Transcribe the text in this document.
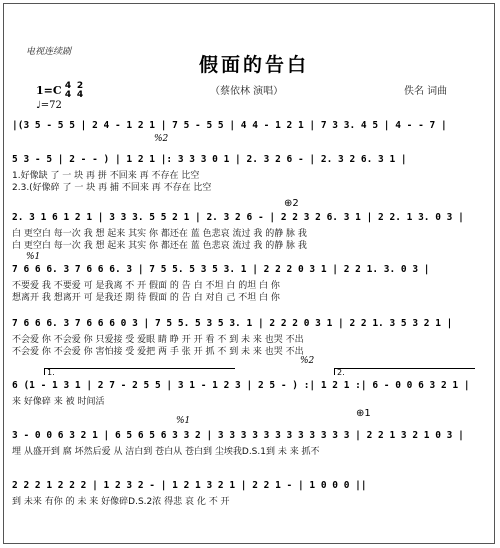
电视连续剧
假面的告白
（蔡依林 演唱）	佚名 词曲
1=C 4
4
2
4
♩=72
|(3 5 - 5 5 | 2 4 - 1 2 1 | 7 5 - 5 5 | 4 4 - 1 2 1 | 7 3 3. 4 5 | 4 - - 7 |
%2
5 3 - 5 | 2 - - ) | 1 2 1 |: 3 3 3 0 1 | 2. 3 2 6 - | 2. 3 2 6. 3 1 |
1.好像缺 了 一 块 再 拼 不回来 再 不存在 比空
2.3.(好像碎 了 一 块 再 捕 不回来 再 不存在 比空
⊕2
2. 3 1 6 1 2 1 | 3 3 3. 5 5 2 1 | 2. 3 2 6 - | 2 2 3 2 6. 3 1 | 2 2. 1 3. 0 3 |
白 更空白 每一次 我 想 起来 其实 你 都还在 蓝 色悲哀 流过 我 的静 脉 我
白 更空白 每一次 我 想 起来 其实 你 都还在 蓝 色悲哀 流过 我 的静 脉 我
%1
7 6 6 6. 3 7 6 6 6. 3 | 7 5 5. 5 3 5 3. 1 | 2 2 2 0 3 1 | 2 2 1. 3. 0 3 |
不要爱 我 不要爱 可 是我离 不 开 假面 的 告 白 不坦 白 的坦 白 你
想离开 我 想离开 可 是我还 期 待 假面 的 告 白 对自 己 不坦 白 你
7 6 6 6. 3 7 6 6 6 0 3 | 7 5 5. 5 3 5 3. 1 | 2 2 2 0 3 1 | 2 2 1. 3 5 3 2 1 |
不会爱 你 不会爱 你 只爱接 受 爱眼 睛 睁 开 开 看 不 到 未 来 也哭 不出
不会爱 你 不会爱 你 害怕接 受 爱把 两 手 张 开 抓 不 到 未 来 也哭 不出
1.	2.
%2
6 (1 - 1 3 1 | 2 7 - 2 5 5 | 3 1 - 1 2 3 | 2 5 - ) :| 1 2 1 :| 6 - 0 0 6 3 2 1 |
来 好像碎 来 被 时间活
⊕1
%1
3 - 0 0 6 3 2 1 | 6 5 6 5 6 3 3 2 | 3 3 3 3 3 3 3 3 3 3 3 3 | 2 2 1 3 2 1 0 3 |
埋 从盛开到 腐 坏然后爱 从 洁白到 苍白从 苍白到 尘埃我D.S.1到 未 来 抓不
2 2 2 1 2 2 2 | 1 2 3 2 - | 1 2 1 3 2 1 | 2 2 1 - | 1 0 0 0 ||
到 未来 有你 的 未 来 好像碎D.S.2浓 得悲 哀 化 不 开
